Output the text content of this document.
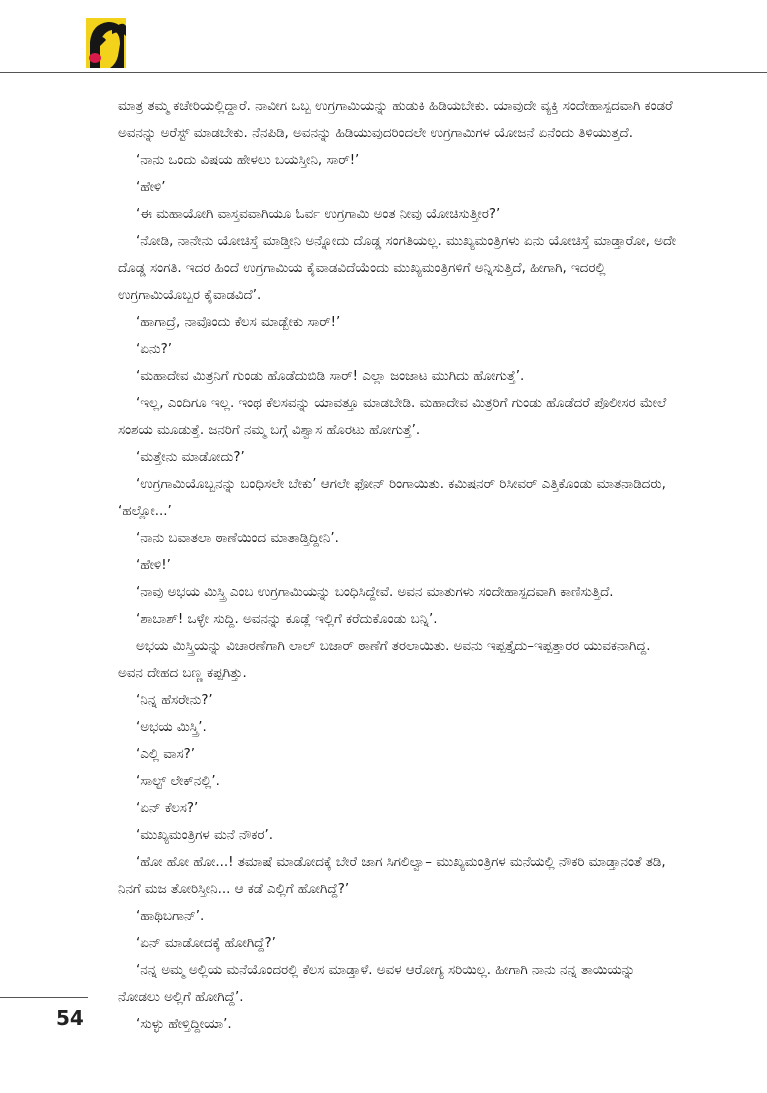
ಮಾತ್ರ ತಮ್ಮ ಕಚೇರಿಯಲ್ಲಿದ್ದಾರೆ. ನಾವೀಗ ಒಬ್ಬ ಉಗ್ರಗಾಮಿಯನ್ನು ಹುಡುಕಿ ಹಿಡಿಯಬೇಕು. ಯಾವುದೇ ವ್ಯಕ್ತಿ ಸಂದೇಹಾಸ್ಪದವಾಗಿ ಕಂಡರೆ ಅವನನ್ನು ಅರೆಸ್ಟ್ ಮಾಡಬೇಕು. ನೆನಪಿಡಿ, ಅವನನ್ನು ಹಿಡಿಯುವುದರಿಂದಲೇ ಉಗ್ರಗಾಮಿಗಳ ಯೋಜನೆ ಏನೆಂದು ತಿಳಿಯುತ್ತದೆ.

‘ನಾನು ಒಂದು ವಿಷಯ ಹೇಳಲು ಬಯಸ್ತೀನಿ, ಸಾರ್!’

‘ಹೇಳಿ’

‘ಈ ಮಹಾಯೋಗಿ ವಾಸ್ತವವಾಗಿಯೂ ಓರ್ವ ಉಗ್ರಗಾಮಿ ಅಂತ ನೀವು ಯೋಚಿಸುತ್ತೀರ?’

‘ನೋಡಿ, ನಾನೇನು ಯೋಚಿಸ್ತೆ ಮಾಡ್ತೀನಿ ಅನ್ನೋದು ದೊಡ್ಡ ಸಂಗತಿಯಲ್ಲ. ಮುಖ್ಯಮಂತ್ರಿಗಳು ಏನು ಯೋಚಿಸ್ತೆ ಮಾಡ್ತಾರೋ, ಅದೇ ದೊಡ್ಡ ಸಂಗತಿ. ಇದರ ಹಿಂದೆ ಉಗ್ರಗಾಮಿಯ ಕೈವಾಡವಿದೆಯೆಂದು ಮುಖ್ಯಮಂತ್ರಿಗಳಿಗೆ ಅನ್ನಿಸುತ್ತಿದೆ, ಹೀಗಾಗಿ, ಇದರಲ್ಲಿ ಉಗ್ರಗಾಮಿಯೊಬ್ಬರ ಕೈವಾಡವಿದೆ’.

‘ಹಾಗಾದ್ರೆ, ನಾವೊಂದು ಕೆಲಸ ಮಾಡ್ಬೇಕು ಸಾರ್!’

‘ಏನು?’

‘ಮಹಾದೇವ ಮಿತ್ರನಿಗೆ ಗುಂಡು ಹೊಡೆದುಬಿಡಿ ಸಾರ್! ಎಲ್ಲಾ ಜಂಜಾಟ ಮುಗಿದು ಹೋಗುತ್ತೆ’.

‘ಇಲ್ಲ, ಎಂದಿಗೂ ಇಲ್ಲ. ಇಂಥ ಕೆಲಸವನ್ನು ಯಾವತ್ತೂ ಮಾಡಬೇಡಿ. ಮಹಾದೇವ ಮಿತ್ರರಿಗೆ ಗುಂಡು ಹೊಡೆದರೆ ಪೊಲೀಸರ ಮೇಲೆ ಸಂಶಯ ಮೂಡುತ್ತೆ. ಜನರಿಗೆ ನಮ್ಮ ಬಗ್ಗೆ ವಿಶ್ವಾಸ ಹೊರಟು ಹೋಗುತ್ತೆ’.

‘ಮತ್ತೇನು ಮಾಡೋದು?’

‘ಉಗ್ರಗಾಮಿಯೊಬ್ಬನನ್ನು ಬಂಧಿಸಲೇ ಬೇಕು’ ಆಗಲೇ ಫೋನ್ ರಿಂಗಾಯಿತು. ಕಮಿಷನರ್ ರಿಸೀವರ್ ಎತ್ತಿಕೊಂಡು ಮಾತನಾಡಿದರು, ‘ಹಲ್ಲೋ...’

‘ನಾನು ಬವಾತಲಾ ಠಾಣೆಯಿಂದ ಮಾತಾಡ್ತಿದ್ದೀನಿ’.

‘ಹೇಳಿ!’

‘ನಾವು ಅಭಯ ಮಿಸ್ತ್ರಿ ಎಂಬ ಉಗ್ರಗಾಮಿಯನ್ನು ಬಂಧಿಸಿದ್ದೇವೆ. ಅವನ ಮಾತುಗಳು ಸಂದೇಹಾಸ್ಪದವಾಗಿ ಕಾಣಿಸುತ್ತಿದೆ.

‘ಶಾಬಾಶ್! ಒಳ್ಳೇ ಸುದ್ದಿ. ಅವನನ್ನು ಕೂಡ್ಲೆ ಇಲ್ಲಿಗೆ ಕರೆದುಕೊಂಡು ಬನ್ನಿ’.

ಅಭಯ ಮಿಸ್ತ್ರಿಯನ್ನು ವಿಚಾರಣೆಗಾಗಿ ಲಾಲ್ ಬಜಾರ್ ಠಾಣೆಗೆ ತರಲಾಯಿತು. ಅವನು ಇಪ್ಪತ್ತೈದು–ಇಪ್ಪತ್ತಾರರ ಯುವಕನಾಗಿದ್ದ. ಅವನ ದೇಹದ ಬಣ್ಣ ಕಪ್ಪಗಿತ್ತು.

‘ನಿನ್ನ ಹೆಸರೇನು?’

‘ಅಭಯ ಮಿಸ್ತ್ರಿ’.

‘ಎಲ್ಲಿ ವಾಸ?’

‘ಸಾಲ್ಟ್ ಲೇಕ್‌ನಲ್ಲಿ’.

‘ಏನ್ ಕೆಲಸ?’

‘ಮುಖ್ಯಮಂತ್ರಿಗಳ ಮನೆ ನೌಕರ’.

‘ಹೋ ಹೋ ಹೋ...! ತಮಾಷೆ ಮಾಡೋದಕ್ಕೆ ಬೇರೆ ಜಾಗ ಸಿಗಲಿಲ್ವಾ– ಮುಖ್ಯಮಂತ್ರಿಗಳ ಮನೆಯಲ್ಲಿ ನೌಕರಿ ಮಾಡ್ತಾನಂತೆ ತಡಿ, ನಿನಗೆ ಮಜ ತೋರಿಸ್ತೀನಿ... ಆ ಕಡೆ ಎಲ್ಲಿಗೆ ಹೋಗಿದ್ದೆ?’

‘ಹಾಥಿಬಗಾನ್’.

‘ಏನ್ ಮಾಡೋದಕ್ಕೆ ಹೋಗಿದ್ದೆ?’

‘ನನ್ನ ಅಮ್ಮ ಅಲ್ಲಿಯ ಮನೆಯೊಂದರಲ್ಲಿ ಕೆಲಸ ಮಾಡ್ತಾಳೆ. ಅವಳ ಆರೋಗ್ಯ ಸರಿಯಿಲ್ಲ. ಹೀಗಾಗಿ ನಾನು ನನ್ನ ತಾಯಿಯನ್ನು ನೋಡಲು ಅಲ್ಲಿಗೆ ಹೋಗಿದ್ದೆ’.

‘ಸುಳ್ಳು ಹೇಳ್ತಿದ್ದೀಯಾ’.

54
